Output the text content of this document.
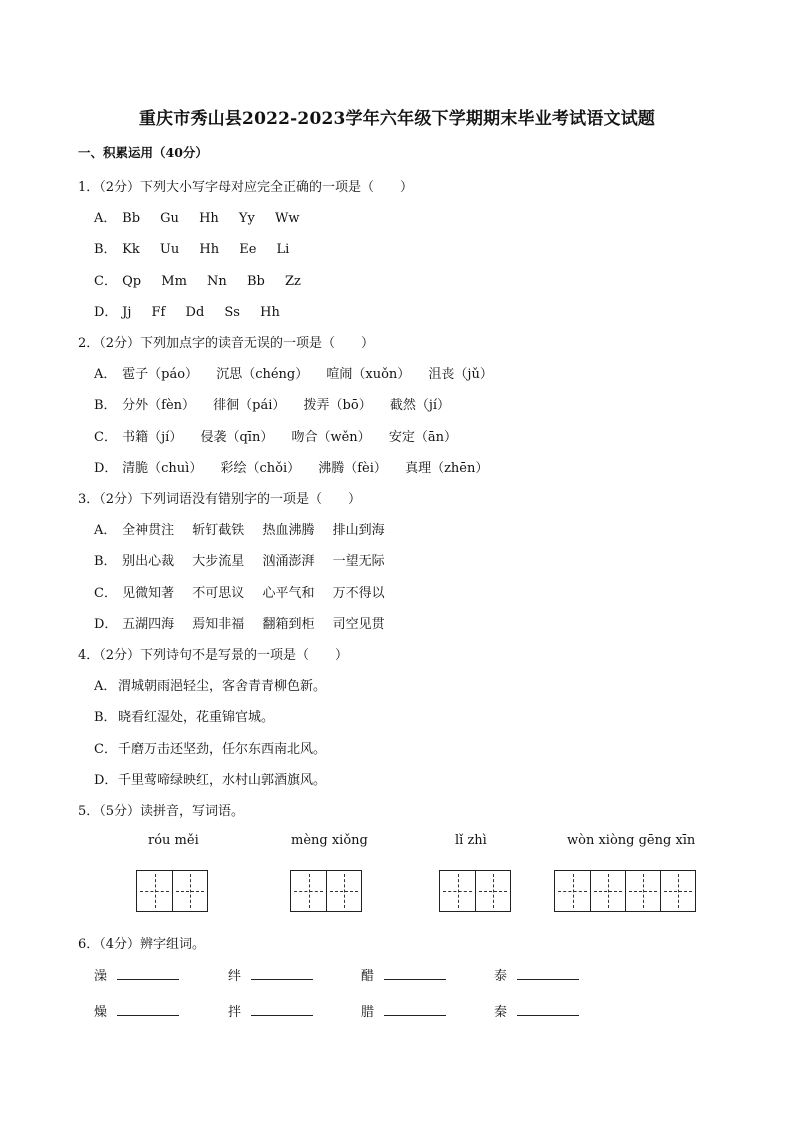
重庆市秀山县2022-2023学年六年级下学期期末毕业考试语文试题
一、积累运用（40分）
1．（2分）下列大小写字母对应完全正确的一项是（　　）
A． Bb Gu Hh Yy Ww
B． Kk Uu Hh Ee Li
C． Qp Mm Nn Bb Zz
D． Jj Ff Dd Ss Hh
2．（2分）下列加点字的读音无误的一项是（　　）
A． 雹子（páo） 沉思（chéng） 喧闹（xuǒn） 沮丧（jǔ）
B． 分外（fèn） 徘徊（pái） 拨弄（bō） 截然（jí）
C． 书籍（jí） 侵袭（qīn） 吻合（wěn） 安定（ān）
D． 清脆（chuì） 彩绘（chǒi） 沸腾（fèi） 真理（zhēn）
3．（2分）下列词语没有错别字的一项是（　　）
A． 全神贯注 斩钉截铁 热血沸腾 排山到海
B． 别出心裁 大步流星 汹涌澎湃 一望无际
C． 见微知著 不可思议 心平气和 万不得以
D． 五湖四海 焉知非福 翻箱到柜 司空见贯
4．（2分）下列诗句不是写景的一项是（　　）
A． 渭城朝雨浥轻尘，客舍青青柳色新。
B．晓看红湿处，花重锦官城。
C．千磨万击还坚劲，任尔东西南北风。
D．千里莺啼绿映红，水村山郭酒旗风。
5．（5分）读拼音，写词语。
róu měi	mèng xiǒng	lǐ zhì	wòn xiòng gēng xīn
6．（4分）辨字组词。
澡	绊	醋	泰
燥	拌	腊	秦
